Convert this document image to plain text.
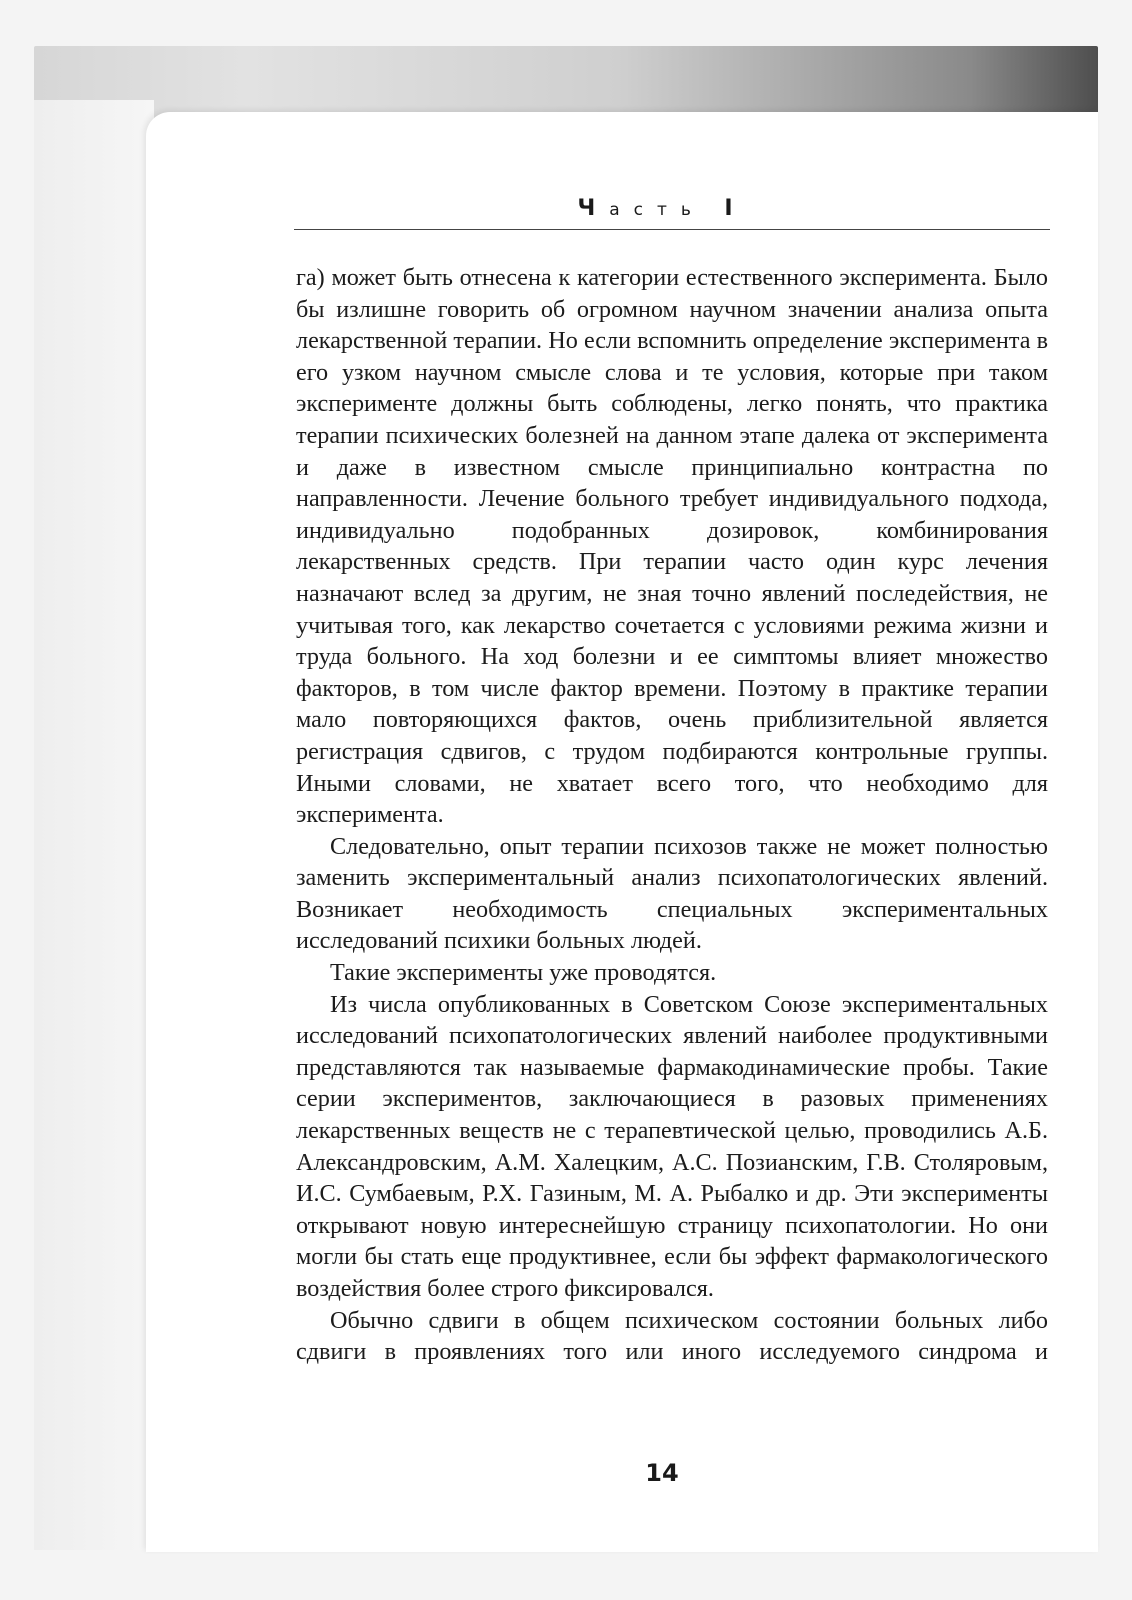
Часть I

га) может быть отнесена к категории естественного эксперимента. Было бы излишне говорить об огромном научном значении анализа опыта лекарственной терапии. Но если вспомнить определение эксперимента в его узком научном смысле слова и те условия, которые при таком эксперименте должны быть соблюдены, легко понять, что практика терапии психических болезней на данном этапе далека от эксперимента и даже в известном смысле принципиально контрастна по направленности. Лечение больного требует индивидуального подхода, индивидуально подобранных дозировок, комбинирования лекарственных средств. При терапии часто один курс лечения назначают вслед за другим, не зная точно явлений последействия, не учитывая того, как лекарство сочетается с условиями режима жизни и труда больного. На ход болезни и ее симптомы влияет множество факторов, в том числе фактор времени. Поэтому в практике терапии мало повторяющихся фактов, очень приблизительной является регистрация сдвигов, с трудом подбираются контрольные группы. Иными словами, не хватает всего того, что необходимо для эксперимента.

Следовательно, опыт терапии психозов также не может полностью заменить экспериментальный анализ психопатологических явлений. Возникает необходимость специальных экспериментальных исследований психики больных людей.

Такие эксперименты уже проводятся.

Из числа опубликованных в Советском Союзе экспериментальных исследований психопатологических явлений наиболее продуктивными представляются так называемые фармакодинамические пробы. Такие серии экспериментов, заключающиеся в разовых применениях лекарственных веществ не с терапевтической целью, проводились А.Б. Александровским, А.М. Халецким, А.С. Позианским, Г.В. Столяровым, И.С. Сумбаевым, Р.Х. Газиным, М. А. Рыбалко и др. Эти эксперименты открывают новую интереснейшую страницу психопатологии. Но они могли бы стать еще продуктивнее, если бы эффект фармакологического воздействия более строго фиксировался.

Обычно сдвиги в общем психическом состоянии больных либо сдвиги в проявлениях того или иного исследуемого синдрома и

14
